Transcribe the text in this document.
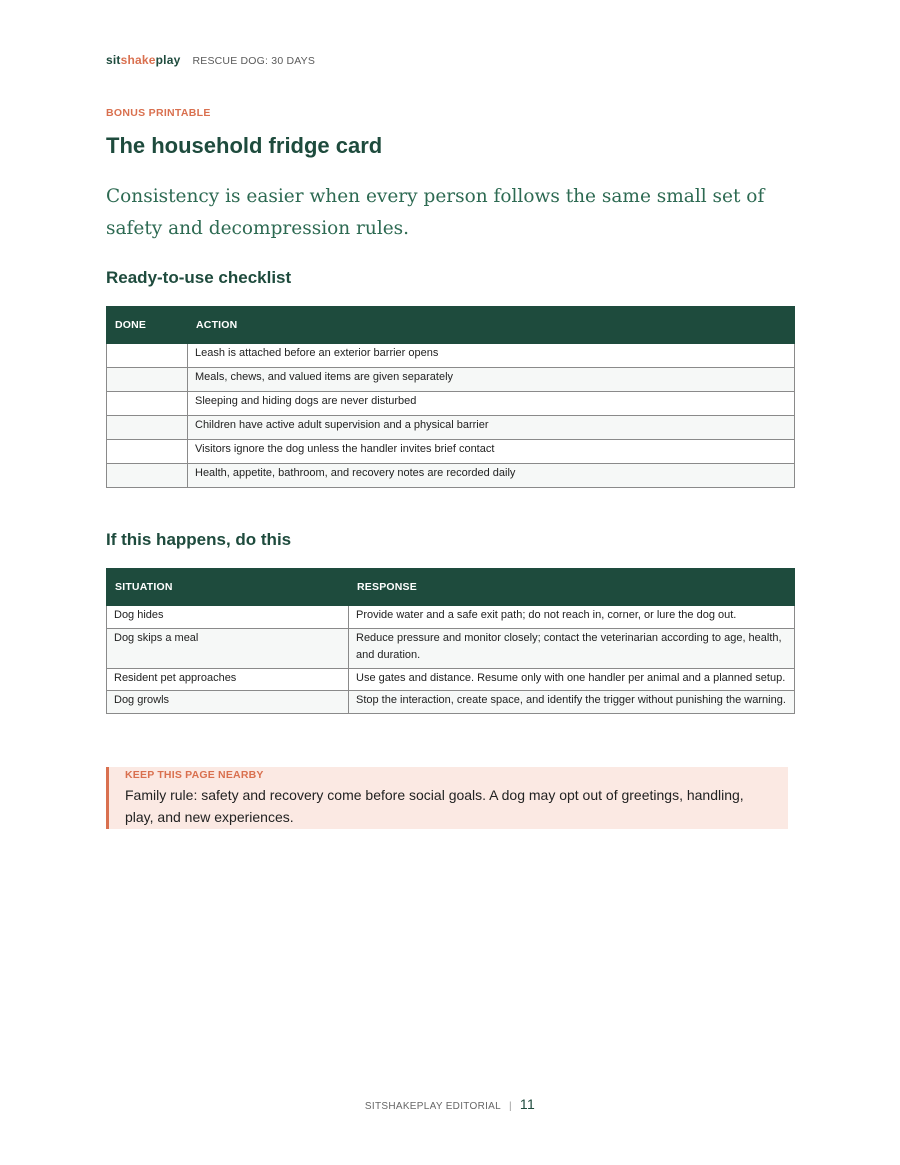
sitshakeplay RESCUE DOG: 30 DAYS
BONUS PRINTABLE
The household fridge card

Consistency is easier when every person follows the same small set of safety and decompression rules.

Ready-to-use checklist
DONE	ACTION
	Leash is attached before an exterior barrier opens
	Meals, chews, and valued items are given separately
	Sleeping and hiding dogs are never disturbed
	Children have active adult supervision and a physical barrier
	Visitors ignore the dog unless the handler invites brief contact
	Health, appetite, bathroom, and recovery notes are recorded daily
If this happens, do this
SITUATION	RESPONSE
Dog hides	Provide water and a safe exit path; do not reach in, corner, or lure the dog out.
Dog skips a meal	Reduce pressure and monitor closely; contact the veterinarian according to age, health, and duration.
Resident pet approaches	Use gates and distance. Resume only with one handler per animal and a planned setup.
Dog growls	Stop the interaction, create space, and identify the trigger without punishing the warning.
KEEP THIS PAGE NEARBY
Family rule: safety and recovery come before social goals. A dog may opt out of greetings, handling, play, and new experiences.
SITSHAKEPLAY EDITORIAL | 11
